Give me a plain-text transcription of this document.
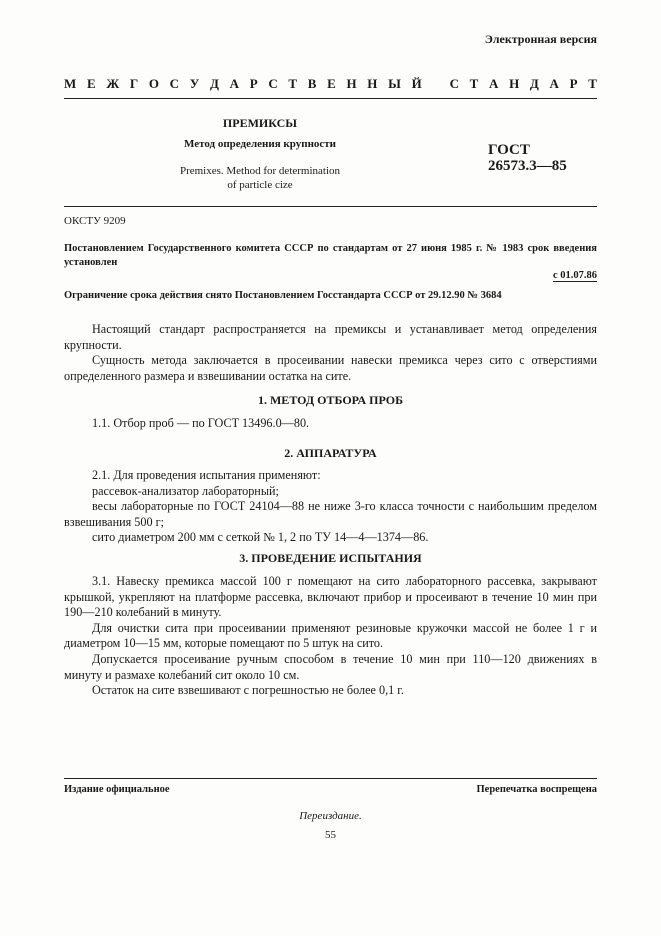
Электронная версия
М Е Ж Г О С У Д А Р С Т В Е Н Н Ы Й
С Т А Н Д А Р Т
ПРЕМИКСЫ
Метод определения крупности
Premixes. Method for determination
of particle cize
ГОСТ
26573.3—85
ОКСТУ 9209
Постановлением Государственного комитета СССР по стандартам от 27 июня 1985 г. № 1983 срок введения установлен
с 01.07.86
Ограничение срока действия снято Постановлением Госстандарта СССР от 29.12.90 № 3684

Настоящий стандарт распространяется на премиксы и устанавливает метод определения крупности.

Сущность метода заключается в просеивании навески премикса через сито с отверстиями определенного размера и взвешивании остатка на сите.

1. МЕТОД ОТБОРА ПРОБ

1.1. Отбор проб — по ГОСТ 13496.0—80.

2. АППАРАТУРА

2.1. Для проведения испытания применяют:

рассевок-анализатор лабораторный;

весы лабораторные по ГОСТ 24104—88 не ниже 3-го класса точности с наибольшим пределом взвешивания 500 г;

сито диаметром 200 мм с сеткой № 1, 2 по ТУ 14—4—1374—86.

3. ПРОВЕДЕНИЕ ИСПЫТАНИЯ

3.1. Навеску премикса массой 100 г помещают на сито лабораторного рассевка, закрывают крышкой, укрепляют на платформе рассевка, включают прибор и просеивают в течение 10 мин при 190—210 колебаний в минуту.

Для очистки сита при просеивании применяют резиновые кружочки массой не более 1 г и диаметром 10—15 мм, которые помещают по 5 штук на сито.

Допускается просеивание ручным способом в течение 10 мин при 110—120 движениях в минуту и размахе колебаний сит около 10 см.

Остаток на сите взвешивают с погрешностью не более 0,1 г.

Издание официальное	Перепечатка воспрещена
Переиздание.
55
